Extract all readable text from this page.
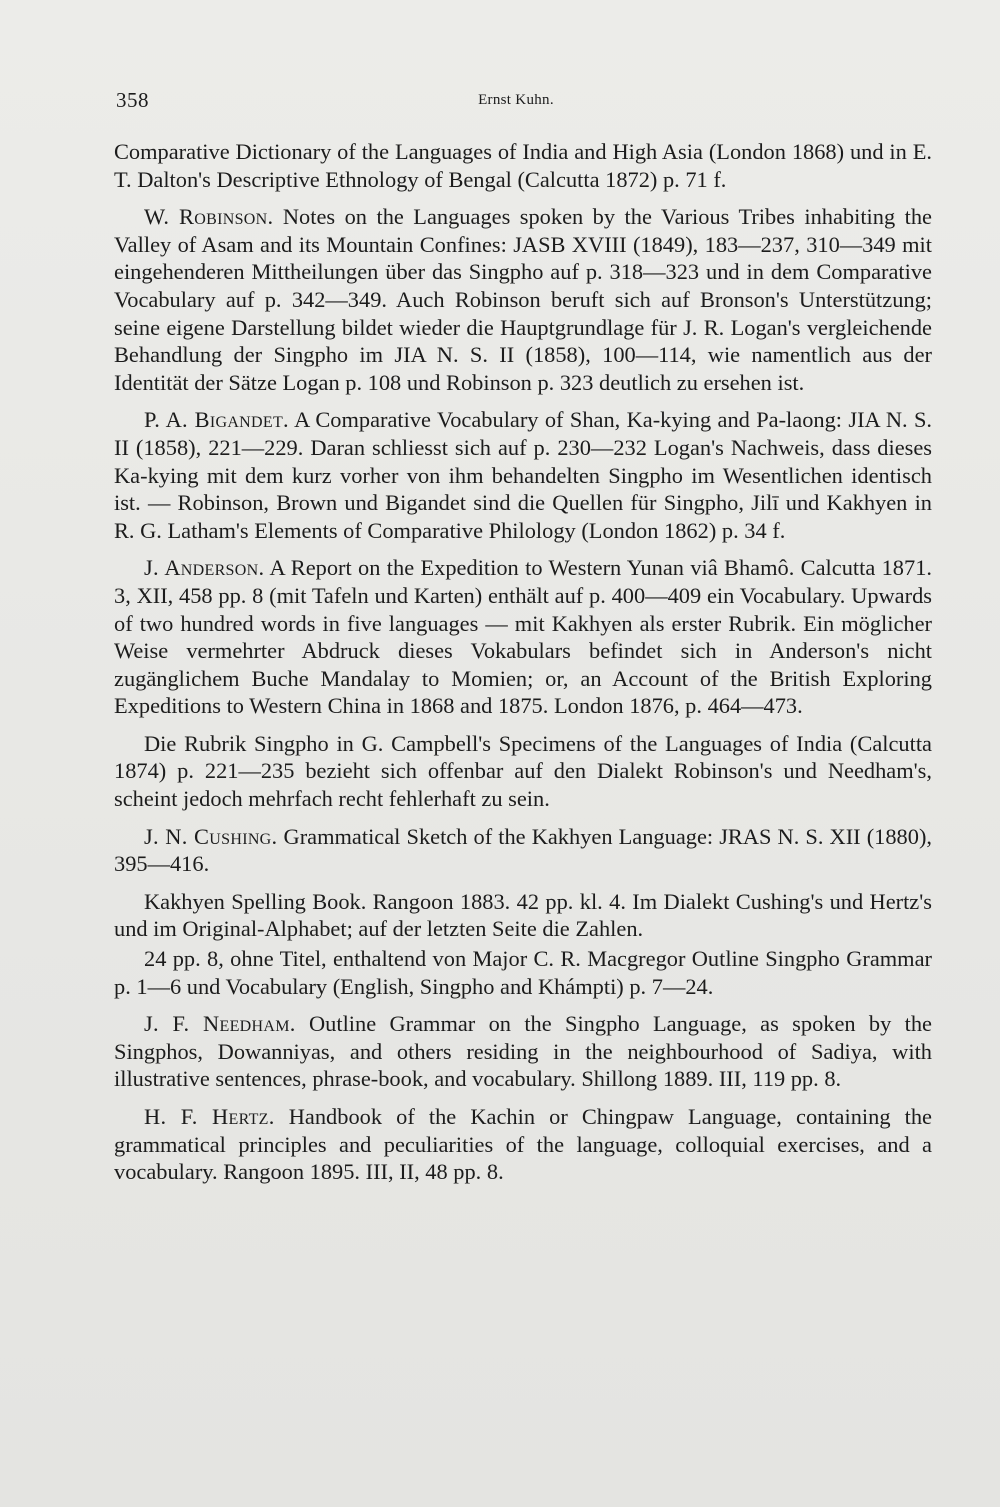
358	Ernst Kuhn.

Comparative Dictionary of the Languages of India and High Asia (London 1868) und in E. T. Dalton's Descriptive Ethnology of Bengal (Calcutta 1872) p. 71 f.

W. Robinson. Notes on the Languages spoken by the Various Tribes inhabiting the Valley of Asam and its Mountain Confines: JASB XVIII (1849), 183—237, 310—349 mit eingehenderen Mittheilungen über das Singpho auf p. 318—323 und in dem Comparative Vocabulary auf p. 342—349. Auch Robinson beruft sich auf Bronson's Unterstützung; seine eigene Darstellung bildet wieder die Hauptgrundlage für J. R. Logan's vergleichende Behandlung der Singpho im JIA N. S. II (1858), 100—114, wie namentlich aus der Identität der Sätze Logan p. 108 und Robinson p. 323 deutlich zu ersehen ist.

P. A. Bigandet. A Comparative Vocabulary of Shan, Ka-kying and Pa-laong: JIA N. S. II (1858), 221—229. Daran schliesst sich auf p. 230—232 Logan's Nachweis, dass dieses Ka-kying mit dem kurz vorher von ihm behandelten Singpho im Wesentlichen identisch ist. — Robinson, Brown und Bigandet sind die Quellen für Singpho, Jilī und Kakhyen in R. G. Latham's Elements of Comparative Philology (London 1862) p. 34 f.

J. Anderson. A Report on the Expedition to Western Yunan viâ Bhamô. Calcutta 1871. 3, XII, 458 pp. 8 (mit Tafeln und Karten) enthält auf p. 400—409 ein Vocabulary. Upwards of two hundred words in five languages — mit Kakhyen als erster Rubrik. Ein möglicher Weise vermehrter Abdruck dieses Vokabulars befindet sich in Anderson's nicht zugänglichem Buche Mandalay to Momien; or, an Account of the British Exploring Expeditions to Western China in 1868 and 1875. London 1876, p. 464—473.

Die Rubrik Singpho in G. Campbell's Specimens of the Languages of India (Calcutta 1874) p. 221—235 bezieht sich offenbar auf den Dialekt Robinson's und Needham's, scheint jedoch mehrfach recht fehlerhaft zu sein.

J. N. Cushing. Grammatical Sketch of the Kakhyen Language: JRAS N. S. XII (1880), 395—416.

Kakhyen Spelling Book. Rangoon 1883. 42 pp. kl. 4. Im Dialekt Cushing's und Hertz's und im Original-Alphabet; auf der letzten Seite die Zahlen.

24 pp. 8, ohne Titel, enthaltend von Major C. R. Macgregor Outline Singpho Grammar p. 1—6 und Vocabulary (English, Singpho and Khámpti) p. 7—24.

J. F. Needham. Outline Grammar on the Singpho Language, as spoken by the Singphos, Dowanniyas, and others residing in the neighbourhood of Sadiya, with illustrative sentences, phrase-book, and vocabulary. Shillong 1889. III, 119 pp. 8.

H. F. Hertz. Handbook of the Kachin or Chingpaw Language, containing the grammatical principles and peculiarities of the language, colloquial exercises, and a vocabulary. Rangoon 1895. III, II, 48 pp. 8.
